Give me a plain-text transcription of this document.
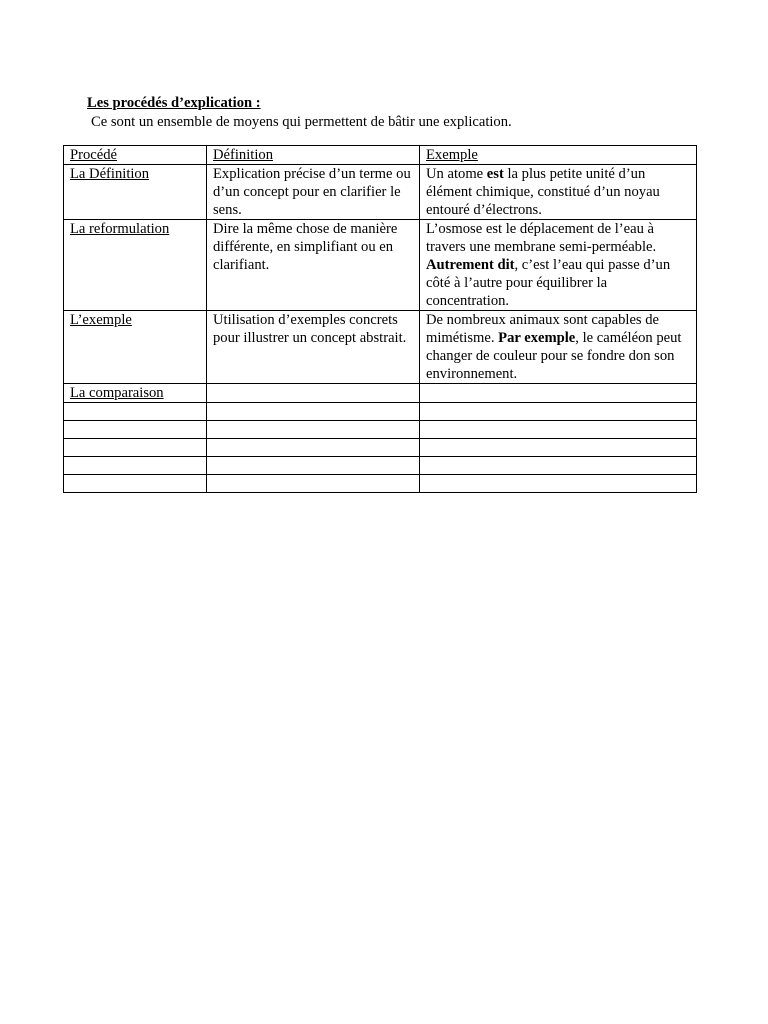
Les procédés d’explication :

Ce sont un ensemble de moyens qui permettent de bâtir une explication.

Procédé	Définition	Exemple
La Définition	Explication précise d’un terme ou d’un concept pour en clarifier le sens.	Un atome est la plus petite unité d’un élément chimique, constitué d’un noyau entouré d’électrons.
La reformulation	Dire la même chose de manière différente, en simplifiant ou en clarifiant.	L’osmose est le déplacement de l’eau à travers une membrane semi-perméable. Autrement dit, c’est l’eau qui passe d’un côté à l’autre pour équilibrer la concentration.
L’exemple	Utilisation d’exemples concrets pour illustrer un concept abstrait.	De nombreux animaux sont capables de mimétisme. Par exemple, le caméléon peut changer de couleur pour se fondre don son environnement.
La comparaison		
